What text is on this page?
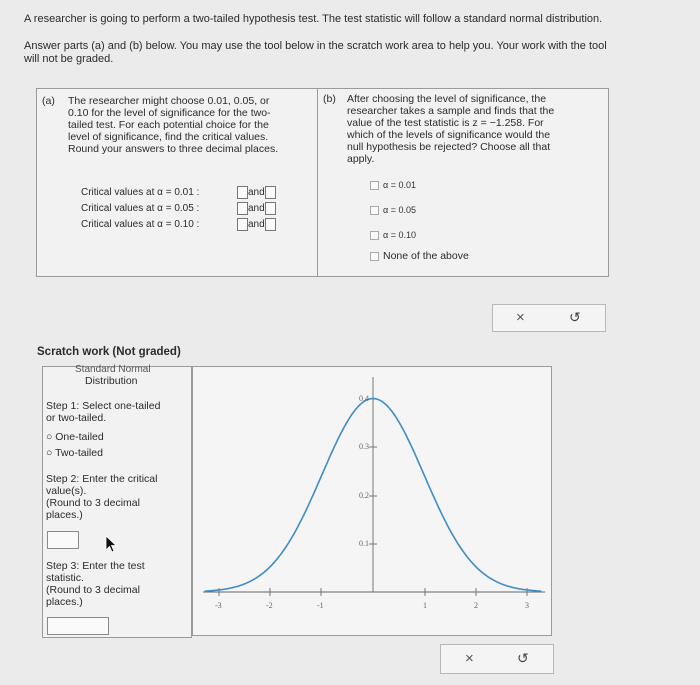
A researcher is going to perform a two-tailed hypothesis test. The test statistic will follow a standard normal distribution.
Answer parts (a) and (b) below. You may use the tool below in the scratch work area to help you. Your work with the tool
will not be graded.
(a) The researcher might choose 0.01, 0.05, or
0.10 for the level of significance for the two-
tailed test. For each potential choice for the
level of significance, find the critical values.
Round your answers to three decimal places.
Critical values at α = 0.01 :	and
Critical values at α = 0.05 :	and
Critical values at α = 0.10 :	and
(b) After choosing the level of significance, the
researcher takes a sample and finds that the
value of the test statistic is z = −1.258. For
which of the levels of significance would the
null hypothesis be rejected? Choose all that
apply.
α = 0.01
α = 0.05
α = 0.10
None of the above
×	↺
Scratch work (Not graded)
Standard Normal
Distribution
Step 1: Select one-tailed
or two-tailed.
○ One-tailed
○ Two-tailed
Step 2: Enter the critical
value(s).
(Round to 3 decimal
places.)
Step 3: Enter the test
statistic.
(Round to 3 decimal
places.)
0.4
0.3
0.2
0.1
-3	-2	-1	1	2	3
×	↺
